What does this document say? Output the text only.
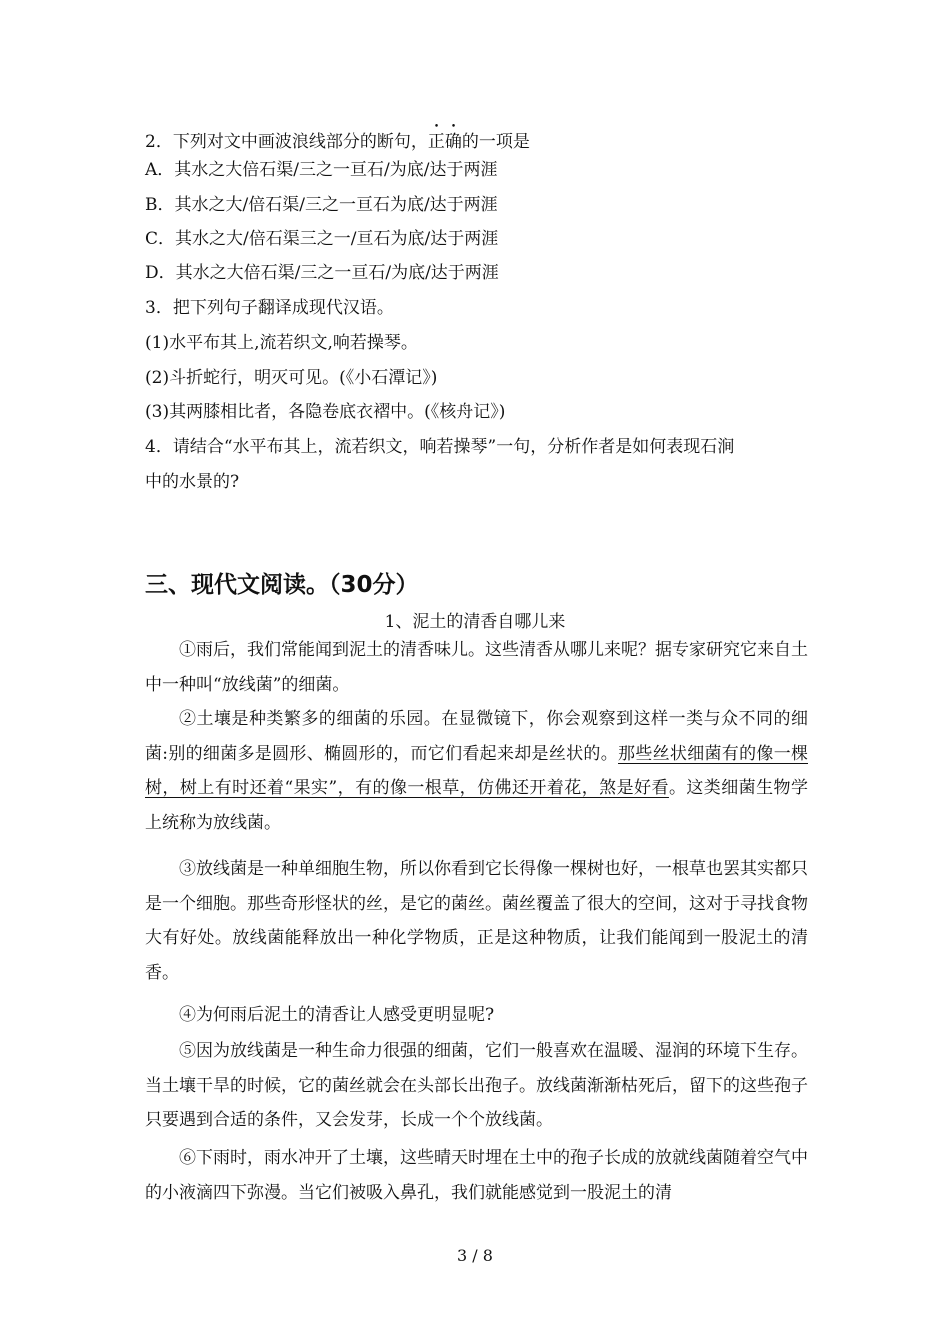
2．下列对文中画波浪线部分的断句，正确的一项是
A．其水之大倍石渠/三之一亘石/为底/达于两涯
B．其水之大/倍石渠/三之一亘石为底/达于两涯
C．其水之大/倍石渠三之一/亘石为底/达于两涯
D．其水之大倍石渠/三之一亘石/为底/达于两涯
3．把下列句子翻译成现代汉语。
(1)水平布其上,流若织文,响若操琴。
(2)斗折蛇行，明灭可见。(《小石潭记》)
(3)其两膝相比者，各隐卷底衣褶中。(《核舟记》)
4．请结合“水平布其上，流若织文，响若操琴”一句，分析作者是如何表现石涧
中的水景的?
三、现代文阅读。（30分）
1、泥土的清香自哪儿来
①雨后，我们常能闻到泥土的清香味儿。这些清香从哪儿来呢？据专家研究它来自土中一种叫“放线菌”的细菌。
②土壤是种类繁多的细菌的乐园。在显微镜下，你会观察到这样一类与众不同的细菌:别的细菌多是圆形、椭圆形的，而它们看起来却是丝状的。那些丝状细菌有的像一棵树，树上有时还着“果实”，有的像一根草，仿佛还开着花，煞是好看。这类细菌生物学上统称为放线菌。
③放线菌是一种单细胞生物，所以你看到它长得像一棵树也好，一根草也罢其实都只是一个细胞。那些奇形怪状的丝，是它的菌丝。菌丝覆盖了很大的空间，这对于寻找食物大有好处。放线菌能释放出一种化学物质，正是这种物质，让我们能闻到一股泥土的清香。
④为何雨后泥土的清香让人感受更明显呢?
⑤因为放线菌是一种生命力很强的细菌，它们一般喜欢在温暖、湿润的环境下生存。当土壤干旱的时候，它的菌丝就会在头部长出孢子。放线菌渐渐枯死后，留下的这些孢子只要遇到合适的条件，又会发芽，长成一个个放线菌。
⑥下雨时，雨水冲开了土壤，这些晴天时埋在土中的孢子长成的放就线菌随着空气中的小液滴四下弥漫。当它们被吸入鼻孔，我们就能感觉到一股泥土的清
3 / 8
